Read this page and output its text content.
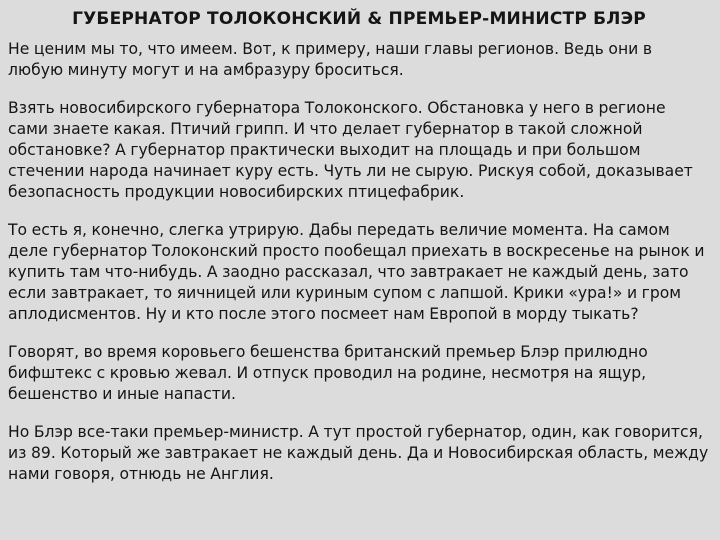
ГУБЕРНАТОР ТОЛОКОНСКИЙ & ПРЕМЬЕР-МИНИСТР БЛЭР
Не ценим мы то, что имеем. Вот, к примеру, наши главы регионов. Ведь они в любую минуту могут и на амбразуру броситься.
Взять новосибирского губернатора Толоконского. Обстановка у него в регионе сами знаете какая. Птичий грипп. И что делает губернатор в такой сложной обстановке? А губернатор практически выходит на площадь и при большом стечении народа начинает куру есть. Чуть ли не сырую. Рискуя собой, доказывает безопасность продукции новосибирских птицефабрик.
То есть я, конечно, слегка утрирую. Дабы передать величие момента. На самом деле губернатор Толоконский просто пообещал приехать в воскресенье на рынок и купить там что-нибудь. А заодно рассказал, что завтракает не каждый день, зато если завтракает, то яичницей или куриным супом с лапшой. Крики «ура!» и гром аплодисментов. Ну и кто после этого посмеет нам Европой в морду тыкать?
Говорят, во время коровьего бешенства британский премьер Блэр прилюдно бифштекс с кровью жевал. И отпуск проводил на родине, несмотря на ящур, бешенство и иные напасти.
Но Блэр все-таки премьер-министр. А тут простой губернатор, один, как говорится, из 89. Который же завтракает не каждый день. Да и Новосибирская область, между нами говоря, отнюдь не Англия.
